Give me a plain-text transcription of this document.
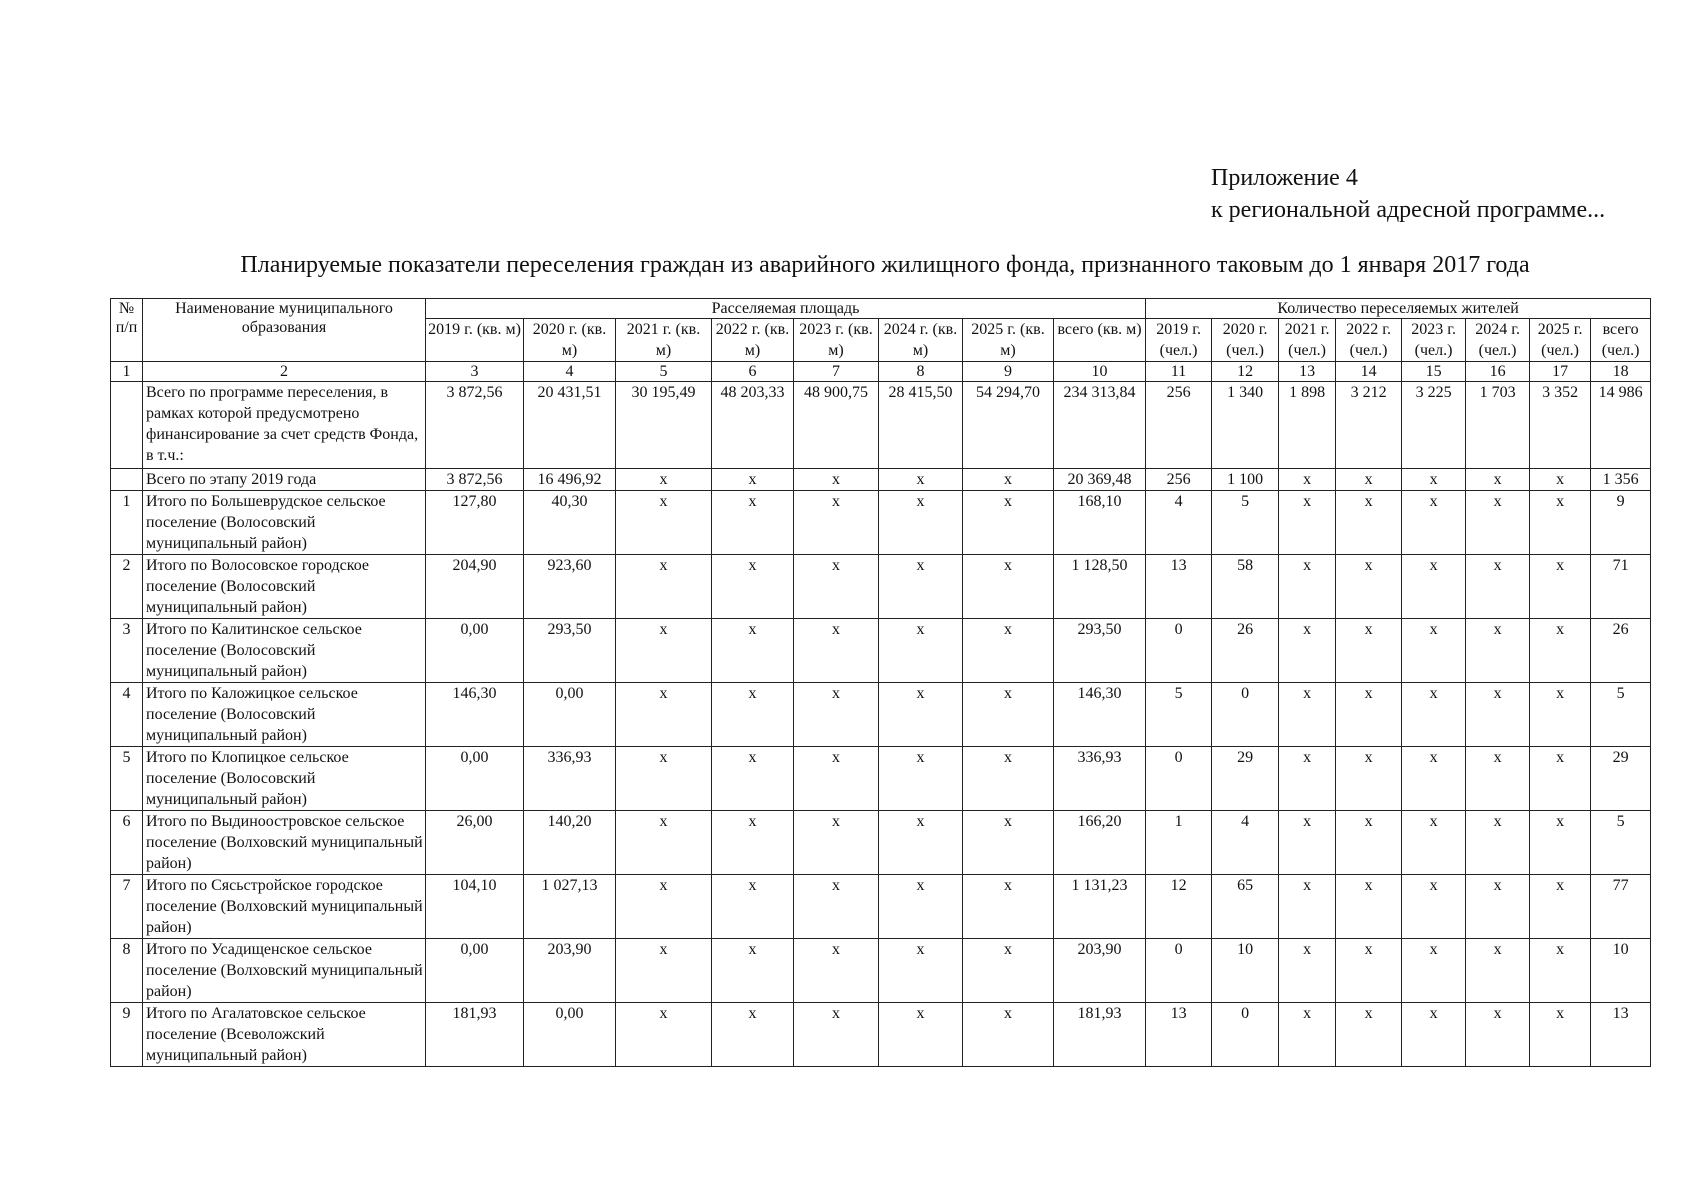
Приложение 4
к региональной адресной программе...
Планируемые показатели переселения граждан из аварийного жилищного фонда, признанного таковым до 1 января 2017 года
№ п/п	Наименование муниципального образования	Расселяемая площадь								Количество переселяемых жителей							
		2019 г. (кв. м)	2020 г. (кв. м)	2021 г. (кв. м)	2022 г. (кв. м)	2023 г. (кв. м)	2024 г. (кв. м)	2025 г. (кв. м)	всего (кв. м)	2019 г. (чел.)	2020 г. (чел.)	2021 г. (чел.)	2022 г. (чел.)	2023 г. (чел.)	2024 г. (чел.)	2025 г. (чел.)	всего (чел.)
1	2	3	4	5	6	7	8	9	10	11	12	13	14	15	16	17	18
	Всего по программе переселения, в рамках которой предусмотрено финансирование за счет средств Фонда, в т.ч.:	3 872,56	20 431,51	30 195,49	48 203,33	48 900,75	28 415,50	54 294,70	234 313,84	256	1 340	1 898	3 212	3 225	1 703	3 352	14 986
	Всего по этапу 2019 года	3 872,56	16 496,92	х	х	х	х	х	20 369,48	256	1 100	х	х	х	х	х	1 356
1	Итого по Большеврудское сельское поселение (Волосовский муниципальный район)	127,80	40,30	х	х	х	х	х	168,10	4	5	х	х	х	х	х	9
2	Итого по Волосовское городское поселение (Волосовский муниципальный район)	204,90	923,60	х	х	х	х	х	1 128,50	13	58	х	х	х	х	х	71
3	Итого по Калитинское сельское поселение (Волосовский муниципальный район)	0,00	293,50	х	х	х	х	х	293,50	0	26	х	х	х	х	х	26
4	Итого по Каложицкое сельское поселение (Волосовский муниципальный район)	146,30	0,00	х	х	х	х	х	146,30	5	0	х	х	х	х	х	5
5	Итого по Клопицкое сельское поселение (Волосовский муниципальный район)	0,00	336,93	х	х	х	х	х	336,93	0	29	х	х	х	х	х	29
6	Итого по Выдиноостровское сельское поселение (Волховский муниципальный район)	26,00	140,20	х	х	х	х	х	166,20	1	4	х	х	х	х	х	5
7	Итого по Сясьстройское городское поселение (Волховский муниципальный район)	104,10	1 027,13	х	х	х	х	х	1 131,23	12	65	х	х	х	х	х	77
8	Итого по Усадищенское сельское поселение (Волховский муниципальный район)	0,00	203,90	х	х	х	х	х	203,90	0	10	х	х	х	х	х	10
9	Итого по Агалатовское сельское поселение (Всеволожский муниципальный район)	181,93	0,00	х	х	х	х	х	181,93	13	0	х	х	х	х	х	13
